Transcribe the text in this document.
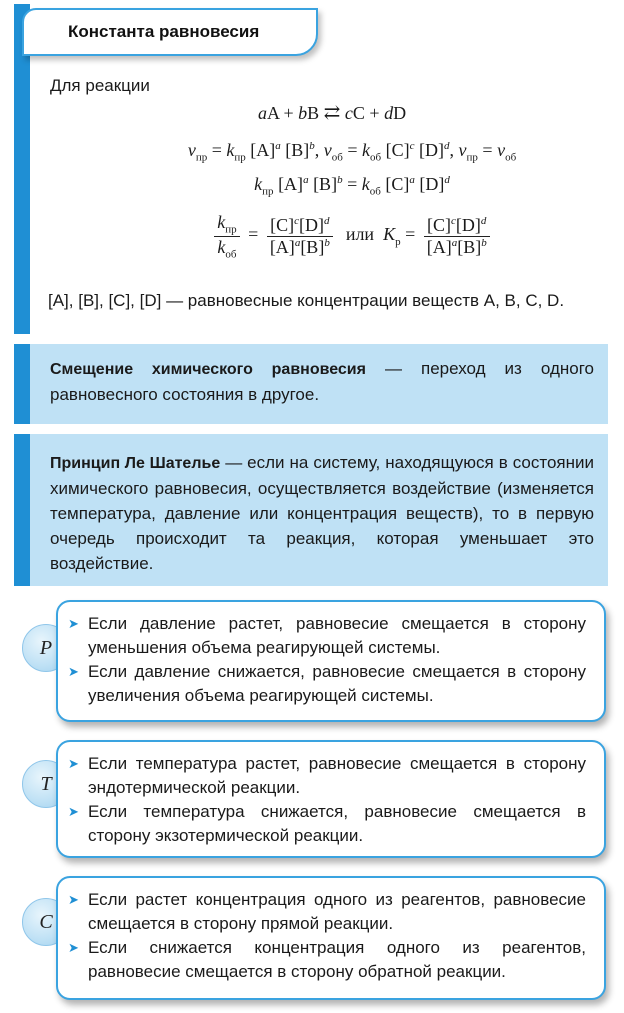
Константа равновесия
Для реакции
aA + bB ⇄ cC + dD
$v_{пр} = k_{пр}$ $[A]^a$ $[B]^b$, $v_{об} = k_{об}$ $[C]^c$ $[D]^d$, $v_{пр} = v_{об}$
$k_{пр}$ $[A]^a$ $[B]^b = k_{об}$ $[C]^a$ $[D]^d$
$\frac{k_{пр}}{k_{об}} = \frac{[C]^c[D]^d}{[A]^a[B]^b}$ или  $K_р = \frac{[C]^c[D]^d}{[A]^a[B]^b}$
[A], [B], [C], [D] — равновесные концентрации веществ A, B, C, D.
Смещение химического равновесия — переход из одного равновесного состояния в другое.
Принцип Ле Шателье — если на систему, находящуюся в состоянии химического равновесия, осуществляется воздействие (изменяется температура, давление или концентрация веществ), то в первую очередь происходит та реакция, которая уменьшает это воздействие.
P
➤ Если давление растет, равновесие смещается в сторону уменьшения объема реагирующей системы.
➤ Если давление снижается, равновесие смещается в сторону увеличения объема реагирующей системы.
T
➤ Если температура растет, равновесие смещается в сторону эндотермической реакции.
➤ Если температура снижается, равновесие смещается в сторону экзотермической реакции.
C
➤ Если растет концентрация одного из реагентов, равновесие смещается в сторону прямой реакции.
➤ Если снижается концентрация одного из реагентов, равновесие смещается в сторону обратной реакции.
